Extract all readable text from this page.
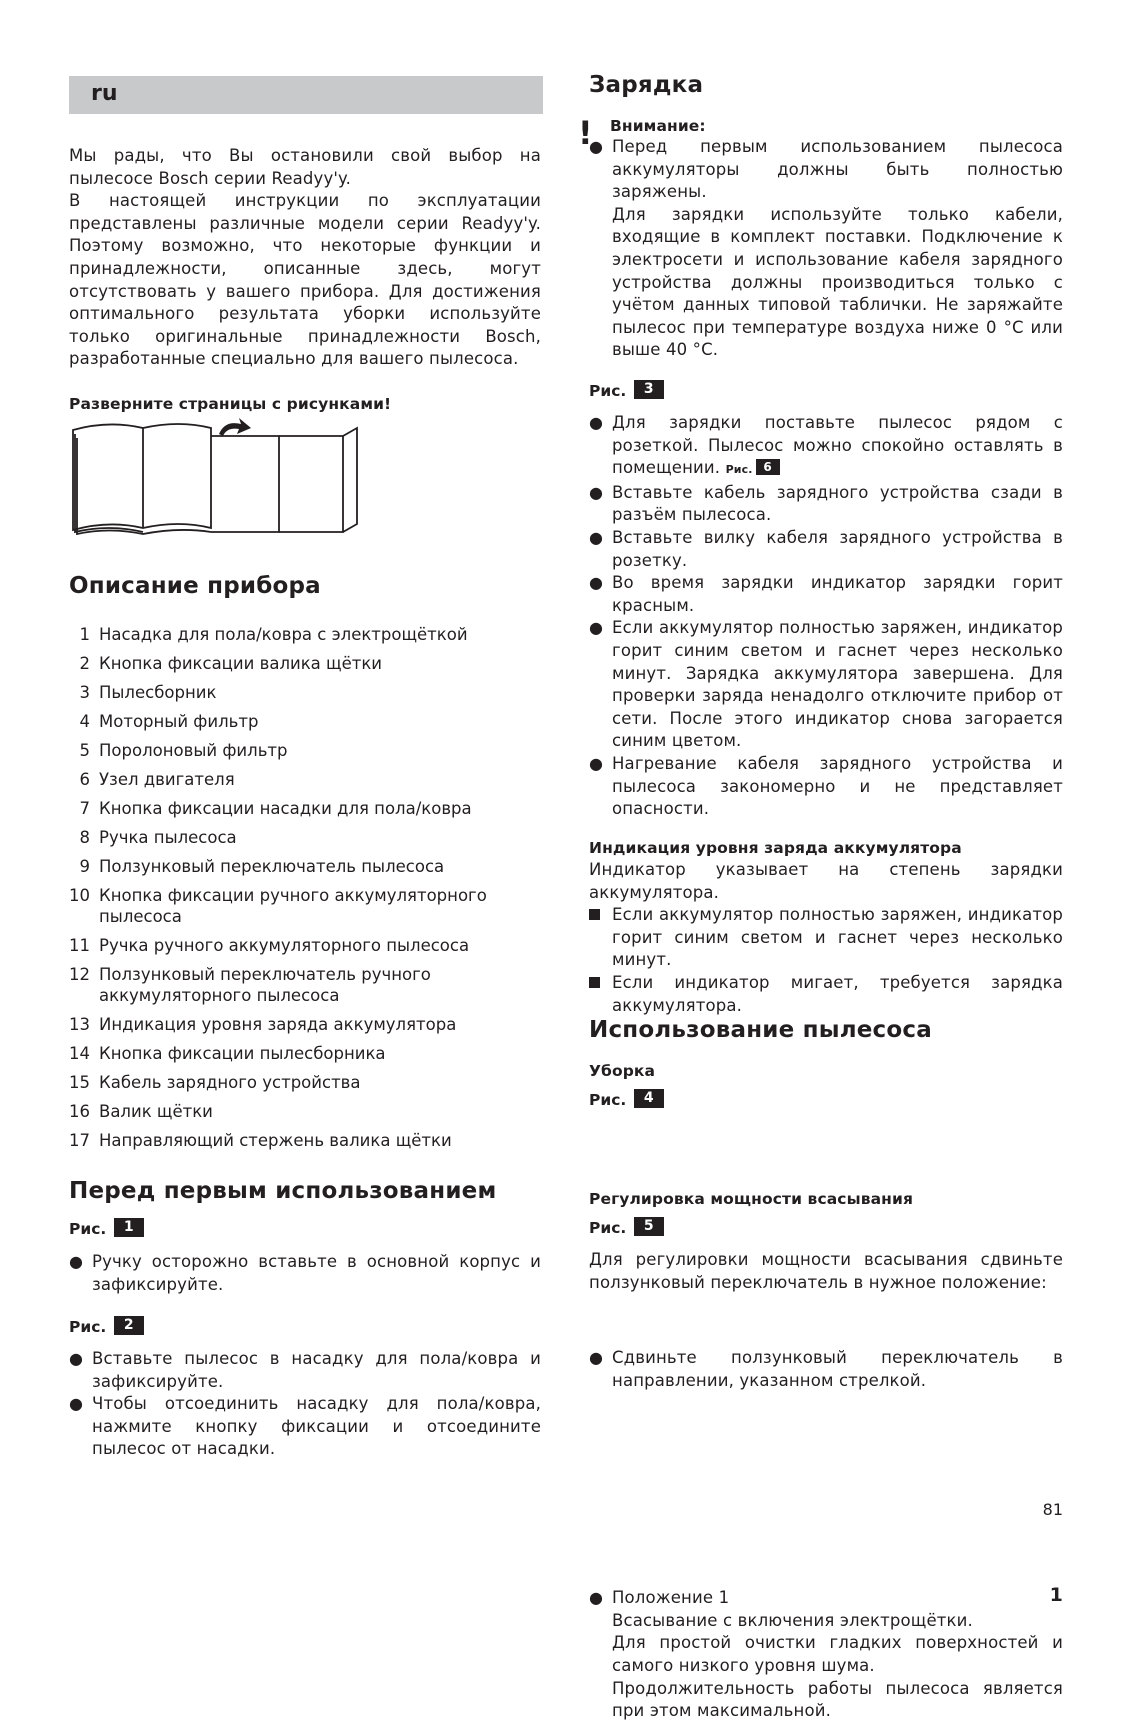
ru

Мы рады, что Вы остановили свой выбор на пылесосе Bosch серии Readyy'y.

В настоящей инструкции по эксплуатации представлены различные модели серии Readyy'y. Поэтому возможно, что некоторые функции и принадлежности, описанные здесь, могут отсутствовать у вашего прибора. Для достижения оптимального результата уборки используйте только оригинальные принадлежности Bosch, разработанные специально для вашего пылесоса.

Разверните страницы с рисунками!
Описание прибора
1 Насадка для пола/ковра с электрощёткой
2 Кнопка фиксации валика щётки
3 Пылесборник
4 Моторный фильтр
5 Поролоновый фильтр
6 Узел двигателя
7 Кнопка фиксации насадки для пола/ковра
8 Ручка пылесоса
9 Ползунковый переключатель пылесоса
10 Кнопка фиксации ручного аккумуляторного пылесоса
11 Ручка ручного аккумуляторного пылесоса
12 Ползунковый переключатель ручного аккумуляторного пылесоса
13 Индикация уровня заряда аккумулятора
14 Кнопка фиксации пылесборника
15 Кабель зарядного устройства
16 Валик щётки
17 Направляющий стержень валика щётки
Перед первым использованием
Рис. 1
● Ручку осторожно вставьте в основной корпус и зафиксируйте.
Рис. 2
● Вставьте пылесос в насадку для пола/ковра и зафиксируйте.
● Чтобы отсоединить насадку для пола/ковра, нажмите кнопку фиксации и отсоедините пылесос от насадки.
Зарядка
! Внимание:
● Перед первым использованием пылесоса аккумуляторы должны быть полностью заряжены.

Для зарядки используйте только кабели, входящие в комплект поставки. Подключение к электросети и использование кабеля зарядного устройства должны производиться только с учётом данных типовой таблички. Не заряжайте пылесос при температуре воздуха ниже 0 °C или выше 40 °C.

Рис. 3
● Для зарядки поставьте пылесос рядом с розеткой. Пылесос можно спокойно оставлять в помещении. Рис. 6
● Вставьте кабель зарядного устройства сзади в разъём пылесоса.
● Вставьте вилку кабеля зарядного устройства в розетку.
● Во время зарядки индикатор зарядки горит красным.
● Если аккумулятор полностью заряжен, индикатор горит синим светом и гаснет через несколько минут. Зарядка аккумулятора завершена. Для проверки заряда ненадолго отключите прибор от сети. После этого индикатор снова загорается синим цветом.
● Нагревание кабеля зарядного устройства и пылесоса закономерно и не представляет опасности.
Индикация уровня заряда аккумулятора

Индикатор указывает на степень зарядки аккумулятора.

Если аккумулятор полностью заряжен, индикатор горит синим светом и гаснет через несколько минут.
Если индикатор мигает, требуется зарядка аккумулятора.
Использование пылесоса
Уборка
Рис. 4
● Сдвиньте ползунковый переключатель в направлении, указанном стрелкой.
Регулировка мощности всасывания
Рис. 5
Для регулировки мощности всасывания сдвиньте ползунковый переключатель в нужное положение:
● Положение 1	1

Всасывание с включения электрощётки.

Для простой очистки гладких поверхностей и самого низкого уровня шума.

Продолжительность работы пылесоса является при этом максимальной.

81
